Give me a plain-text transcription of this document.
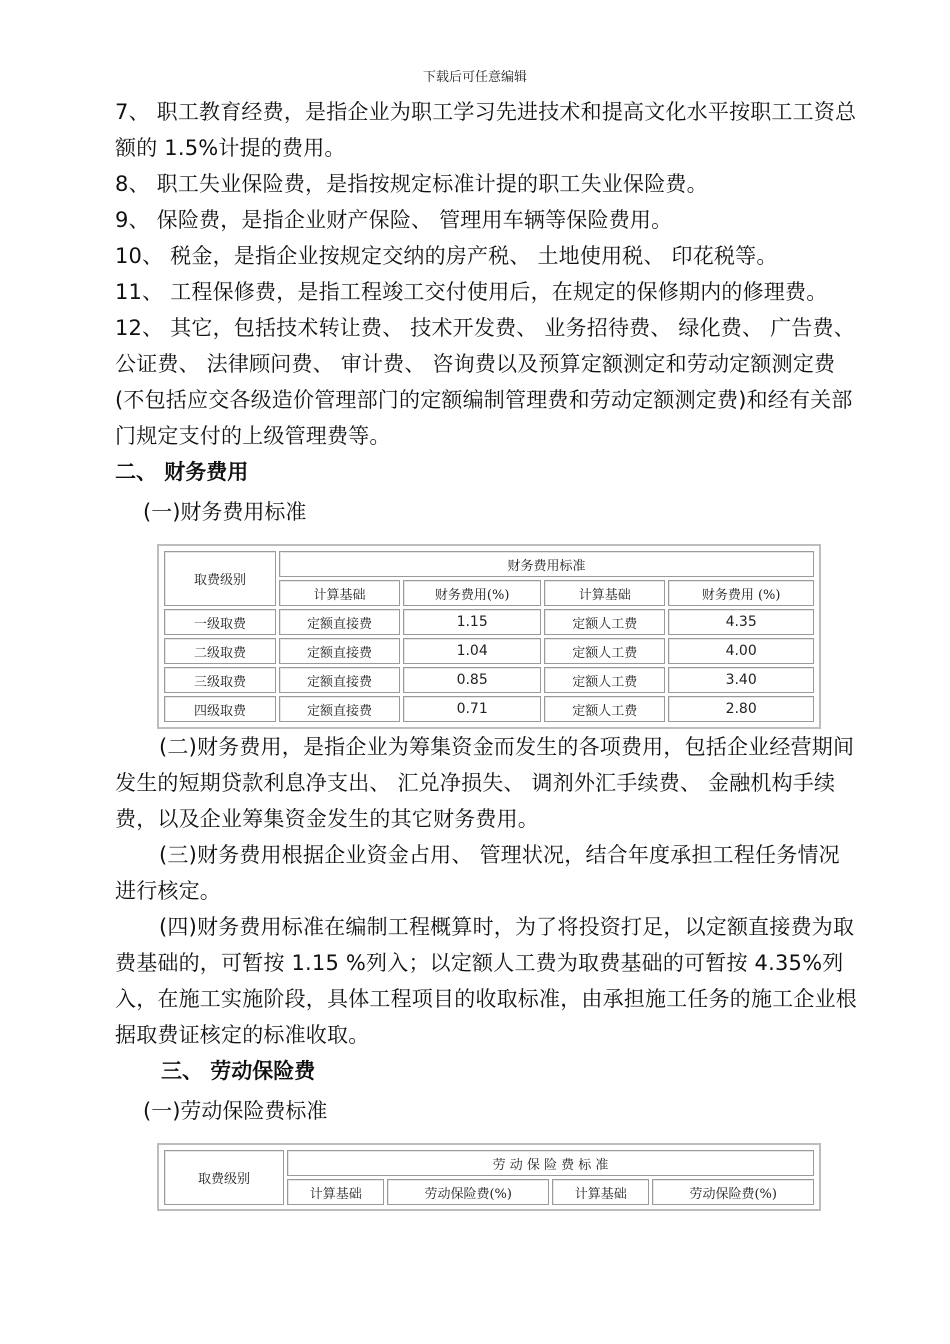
下载后可任意编辑

7、 职工教育经费，是指企业为职工学习先进技术和提高文化水平按职工工资总额的 1.5%计提的费用。

8、 职工失业保险费，是指按规定标准计提的职工失业保险费。

9、 保险费，是指企业财产保险、 管理用车辆等保险费用。

10、 税金，是指企业按规定交纳的房产税、 土地使用税、 印花税等。

11、 工程保修费，是指工程竣工交付使用后，在规定的保修期内的修理费。

12、 其它，包括技术转让费、 技术开发费、 业务招待费、 绿化费、 广告费、 公证费、 法律顾问费、 审计费、 咨询费以及预算定额测定和劳动定额测定费(不包括应交各级造价管理部门的定额编制管理费和劳动定额测定费)和经有关部门规定支付的上级管理费等。

二、 财务费用

(一)财务费用标准

取费级别	财务费用标准			
	计算基础	财务费用(%)	计算基础	财务费用 (%)
一级取费	定额直接费	1.15	定额人工费	4.35
二级取费	定额直接费	1.04	定额人工费	4.00
三级取费	定额直接费	0.85	定额人工费	3.40
四级取费	定额直接费	0.71	定额人工费	2.80

(二)财务费用，是指企业为筹集资金而发生的各项费用，包括企业经营期间发生的短期贷款利息净支出、 汇兑净损失、 调剂外汇手续费、 金融机构手续费，以及企业筹集资金发生的其它财务费用。

(三)财务费用根据企业资金占用、 管理状况，结合年度承担工程任务情况进行核定。

(四)财务费用标准在编制工程概算时，为了将投资打足，以定额直接费为取费基础的，可暂按 1.15 %列入；以定额人工费为取费基础的可暂按 4.35%列入，在施工实施阶段，具体工程项目的收取标准，由承担施工任务的施工企业根据取费证核定的标准收取。

三、 劳动保险费

(一)劳动保险费标准

取费级别	劳 动 保 险 费 标 准			
	计算基础	劳动保险费(%)	计算基础	劳动保险费(%)
